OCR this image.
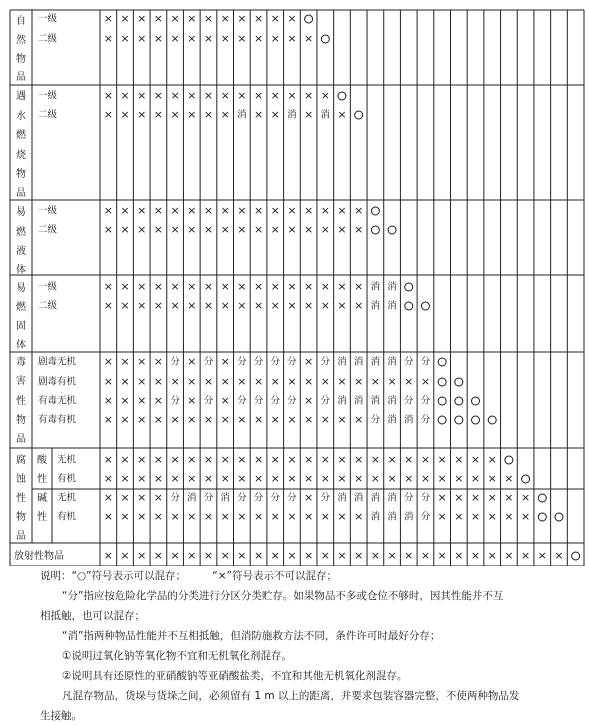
自
然
物
品
遇
水
燃
烧
物
品
易
燃
液
体
易
燃
固
体
毒
害
性
物
品
腐
蚀
性
物
品
放射性物品
一级
二级
一级
二级
一级
二级
一级
二级
剧毒无机
剧毒有机
有毒无机
有毒有机
酸
性
无机
有机
碱
性
无机
有机
× × × × × × × × × × × ×
× × × × × × × × × × × × ×
× × × × × × × × × × × × × ×
× × × × × × × × 消 × × 消 × 消 ×
× × × × × × × × × × × × × × × ×
× × × × × × × × × × × × × × × ×
× × × × × × × × × × × × × × × × 消 消
× × × × × × × × × × × × × × × × 消 消
× × × × 分 × 分 × 分 分 分 分 × 分 消 消 消 消 分 分
× × × × × × × × × × × × × × × × × × × ×
× × × × 分 × 分 × 分 分 分 分 × 分 消 消 消 消 分 分
× × × × × × × × × × × × × × × × 分 消 消 分
× × × × × × × × × × × × × × × × × × × × × × × ×
× × × × × × × × × × × × × × × × × × × × × × × × ×
× × × × 分 消 分 消 分 分 分 分 × 分 消 消 消 消 分 分 × × × × × ×
× × × × × × × × × × × × × × × × 消 消 消 分 × × × × × ×
× × × × × × × × × × × × × × × × × × × × × × × × × × × ×
说明：“○”符号表示可以混存；　　　“×”符号表示不可以混存；
“分”指应按危险化学品的分类进行分区分类贮存。如果物品不多或仓位不够时，因其性能并不互
相抵触，也可以混存；
“消”指两种物品性能并不互相抵触，但消防施救方法不同，条件许可时最好分存；
①说明过氧化钠等氧化物不宜和无机氧化剂混存。
②说明具有还原性的亚硝酸钠等亚硝酸盐类，不宜和其他无机氧化剂混存。
凡混存物品，货垛与货垛之间，必须留有 1 m 以上的距离，并要求包装容器完整，不使两种物品发
生接触。
